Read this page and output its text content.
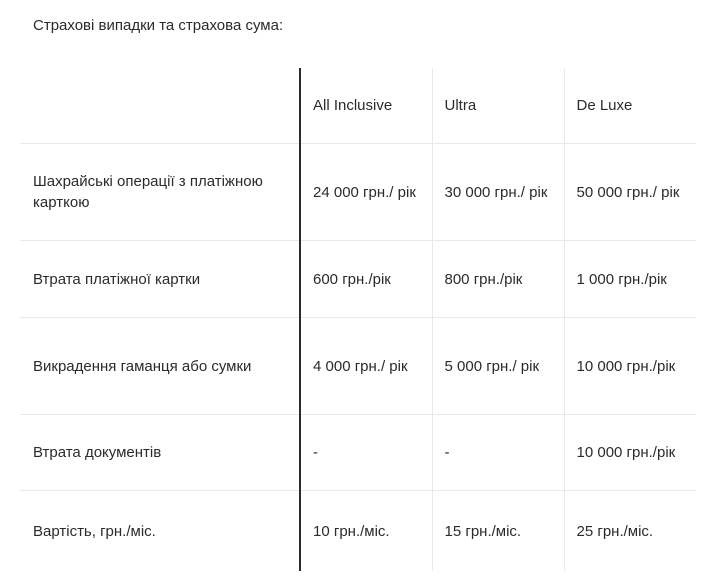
Страхові випадки та страхова сума:
	All Inclusive	Ultra	De Luxe
Шахрайські операції з платіжною карткою	24 000 грн./ рік	30 000 грн./ рік	50 000 грн./ рік
Втрата платіжної картки	600 грн./рік	800 грн./рік	1 000 грн./рік
Викрадення гаманця або сумки	4 000 грн./ рік	5 000 грн./ рік	10 000 грн./рік
Втрата документів	-	-	10 000 грн./рік
Вартість, грн./міс.	10 грн./міс.	15 грн./міс.	25 грн./міс.
